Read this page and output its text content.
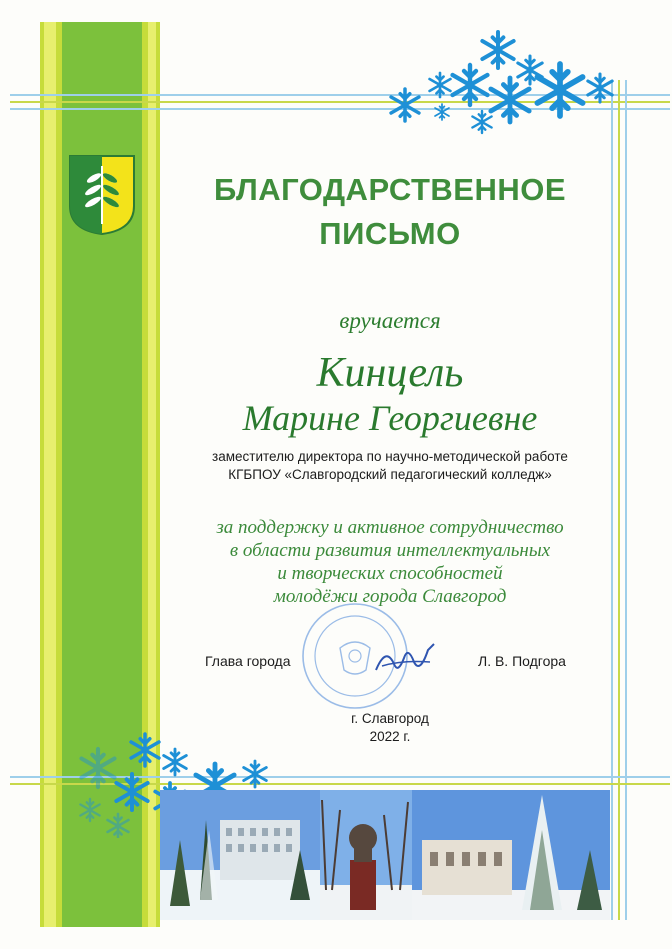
БЛАГОДАРСТВЕННОЕ
ПИСЬМО
вручается
Кинцель
Марине Георгиевне
заместителю директора по научно-методической работе
КГБПОУ «Славгородский педагогический колледж»
за поддержку и активное сотрудничество
в области развития интеллектуальных
и творческих способностей
молодёжи города Славгород
Глава города	Л. В. Подгора
г. Славгород
2022 г.
